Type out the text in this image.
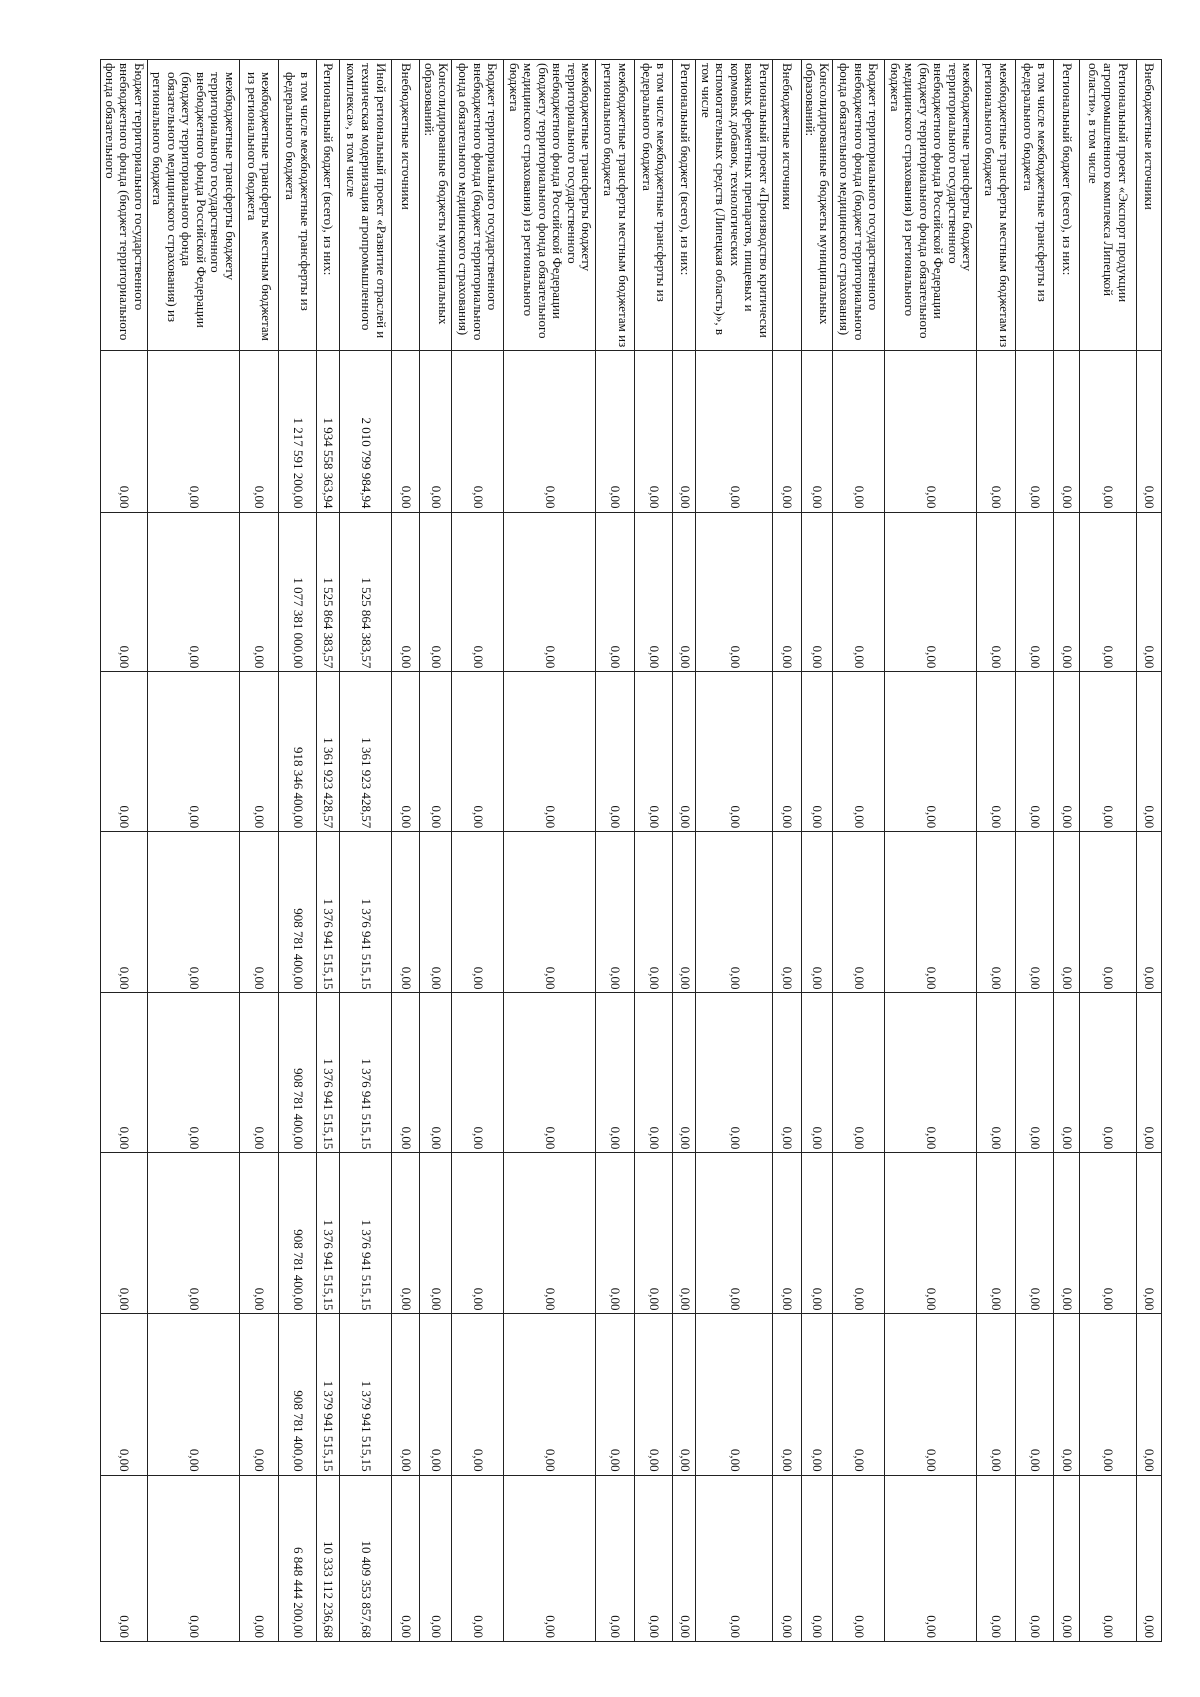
Внебюджетные источники	0,00	0,00	0,00	0,00	0,00	0,00	0,00	0,00
Региональный проект «Экспорт продукции агропромышленного комплекса Липецкой области», в том числе	0,00	0,00	0,00	0,00	0,00	0,00	0,00	0,00
Региональный бюджет (всего), из них:	0,00	0,00	0,00	0,00	0,00	0,00	0,00	0,00
в том числе межбюджетные трансферты из федерального бюджета	0,00	0,00	0,00	0,00	0,00	0,00	0,00	0,00
межбюджетные трансферты местным бюджетам из регионального бюджета	0,00	0,00	0,00	0,00	0,00	0,00	0,00	0,00
межбюджетные трансферты бюджету территориального государственного внебюджетного фонда Российской Федерации (бюджету территориального фонда обязательного медицинского страхования) из регионального бюджета	0,00	0,00	0,00	0,00	0,00	0,00	0,00	0,00
Бюджет территориального государственного внебюджетного фонда (бюджет территориального фонда обязательного медицинского страхования)	0,00	0,00	0,00	0,00	0,00	0,00	0,00	0,00
Консолидированные бюджеты муниципальных образований:	0,00	0,00	0,00	0,00	0,00	0,00	0,00	0,00
Внебюджетные источники	0,00	0,00	0,00	0,00	0,00	0,00	0,00	0,00
Региональный проект «Производство критически важных ферментных препаратов, пищевых и кормовых добавок, технологических вспомогательных средств (Липецкая область)», в том числе	0,00	0,00	0,00	0,00	0,00	0,00	0,00	0,00
Региональный бюджет (всего), из них:	0,00	0,00	0,00	0,00	0,00	0,00	0,00	0,00
в том числе межбюджетные трансферты из федерального бюджета	0,00	0,00	0,00	0,00	0,00	0,00	0,00	0,00
межбюджетные трансферты местным бюджетам из регионального бюджета	0,00	0,00	0,00	0,00	0,00	0,00	0,00	0,00
межбюджетные трансферты бюджету территориального государственного внебюджетного фонда Российской Федерации (бюджету территориального фонда обязательного медицинского страхования) из регионального бюджета	0,00	0,00	0,00	0,00	0,00	0,00	0,00	0,00
Бюджет территориального государственного внебюджетного фонда (бюджет территориального фонда обязательного медицинского страхования)	0,00	0,00	0,00	0,00	0,00	0,00	0,00	0,00
Консолидированные бюджеты муниципальных образований:	0,00	0,00	0,00	0,00	0,00	0,00	0,00	0,00
Внебюджетные источники	0,00	0,00	0,00	0,00	0,00	0,00	0,00	0,00
Иной региональный проект «Развитие отраслей и техническая модернизация агропромышленного комплекса», в том числе	2 010 799 984,94	1 525 864 383,57	1 361 923 428,57	1 376 941 515,15	1 376 941 515,15	1 376 941 515,15	1 379 941 515,15	10 409 353 857,68
Региональный бюджет (всего), из них:	1 934 558 363,94	1 525 864 383,57	1 361 923 428,57	1 376 941 515,15	1 376 941 515,15	1 376 941 515,15	1 379 941 515,15	10 333 112 236,68
в том числе межбюджетные трансферты из федерального бюджета	1 217 591 200,00	1 077 381 000,00	918 346 400,00	908 781 400,00	908 781 400,00	908 781 400,00	908 781 400,00	6 848 444 200,00
межбюджетные трансферты местным бюджетам из регионального бюджета	0,00	0,00	0,00	0,00	0,00	0,00	0,00	0,00
межбюджетные трансферты бюджету территориального государственного внебюджетного фонда Российской Федерации (бюджету территориального фонда обязательного медицинского страхования) из регионального бюджета	0,00	0,00	0,00	0,00	0,00	0,00	0,00	0,00
Бюджет территориального государственного внебюджетного фонда (бюджет территориального фонда обязательного	0,00	0,00	0,00	0,00	0,00	0,00	0,00	0,00
